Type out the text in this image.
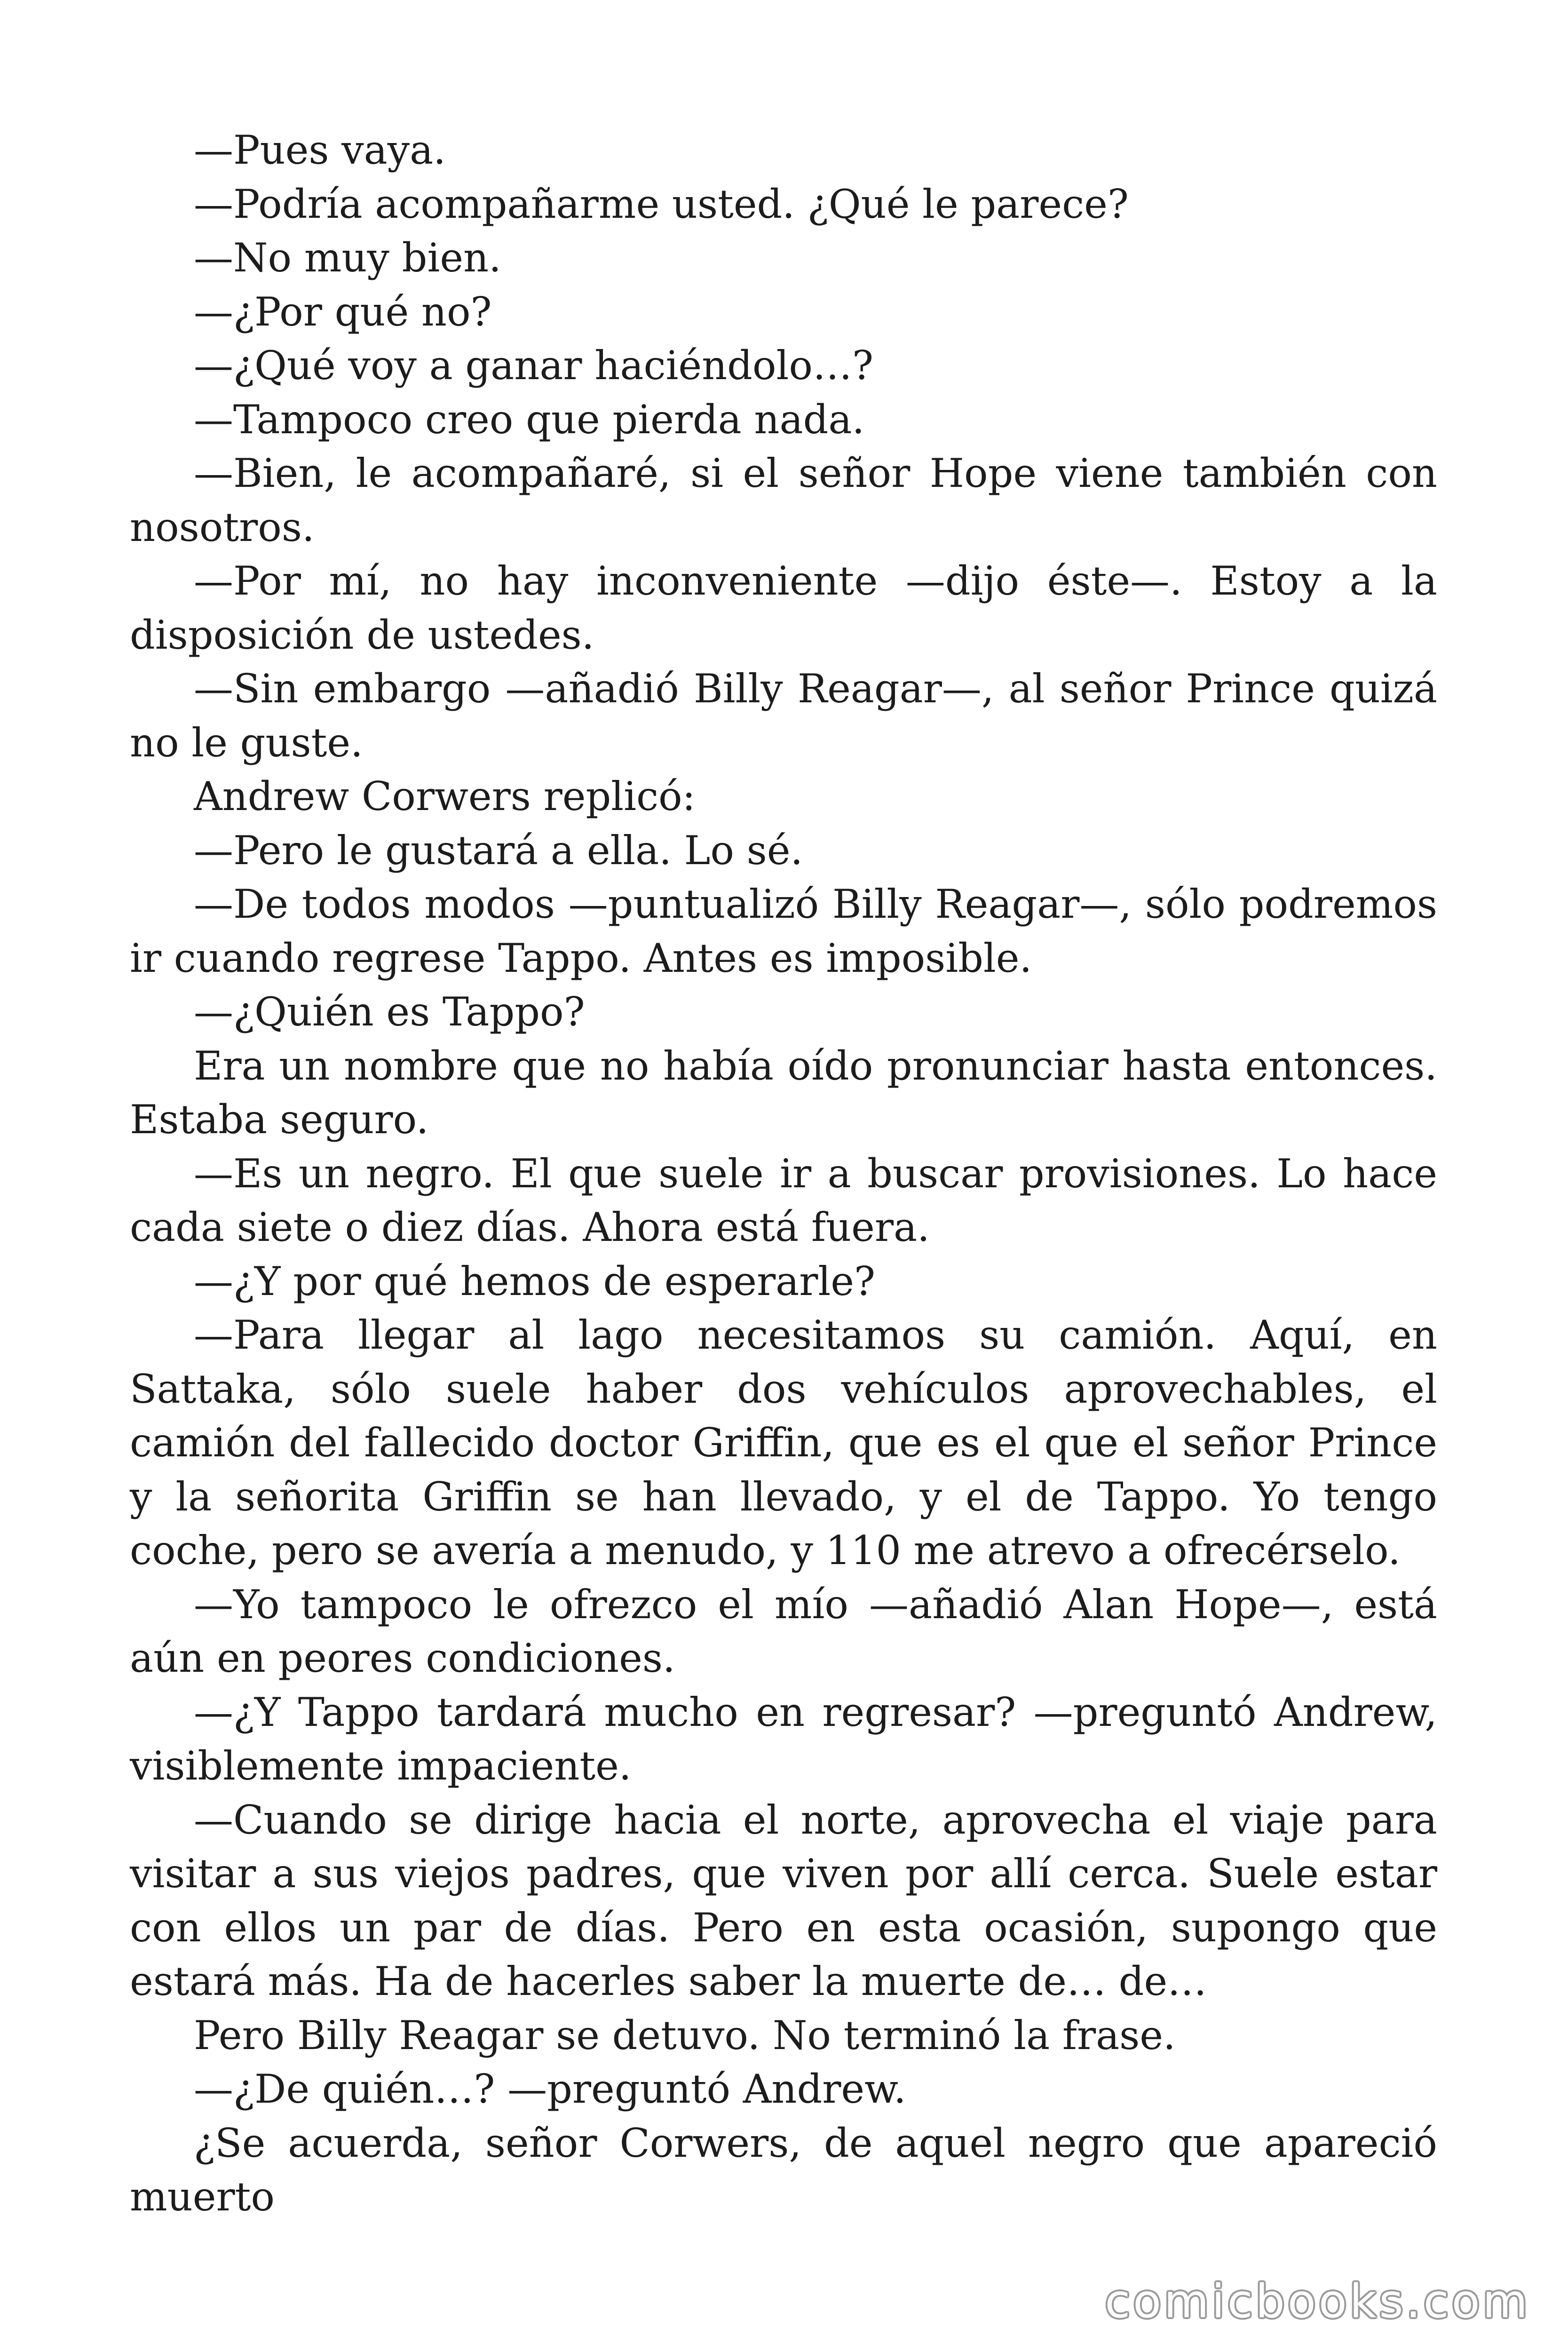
—Pues vaya.

—Podría acompañarme usted. ¿Qué le parece?

—No muy bien.

—¿Por qué no?

—¿Qué voy a ganar haciéndolo…?

—Tampoco creo que pierda nada.

—Bien, le acompañaré, si el señor Hope viene también con nosotros.

—Por mí, no hay inconveniente —dijo éste—. Estoy a la disposición de ustedes.

—Sin embargo —añadió Billy Reagar—, al señor Prince quizá no le guste.

Andrew Corwers replicó:

—Pero le gustará a ella. Lo sé.

—De todos modos —puntualizó Billy Reagar—, sólo podremos ir cuando regrese Tappo. Antes es imposible.

—¿Quién es Tappo?

Era un nombre que no había oído pronunciar hasta entonces. Estaba seguro.

—Es un negro. El que suele ir a buscar provisiones. Lo hace cada siete o diez días. Ahora está fuera.

—¿Y por qué hemos de esperarle?

—Para llegar al lago necesitamos su camión. Aquí, en Sattaka, sólo suele haber dos vehículos aprovechables, el camión del fallecido doctor Griffin, que es el que el señor Prince y la señorita Griffin se han llevado, y el de Tappo. Yo tengo coche, pero se avería a menudo, y 110 me atrevo a ofrecérselo.

—Yo tampoco le ofrezco el mío —añadió Alan Hope—, está aún en peores condiciones.

—¿Y Tappo tardará mucho en regresar? —preguntó Andrew, visiblemente impaciente.

—Cuando se dirige hacia el norte, aprovecha el viaje para visitar a sus viejos padres, que viven por allí cerca. Suele estar con ellos un par de días. Pero en esta ocasión, supongo que estará más. Ha de hacerles saber la muerte de… de…

Pero Billy Reagar se detuvo. No terminó la frase.

—¿De quién…? —preguntó Andrew.

¿Se acuerda, señor Corwers, de aquel negro que apareció muerto

comicbooks.com
